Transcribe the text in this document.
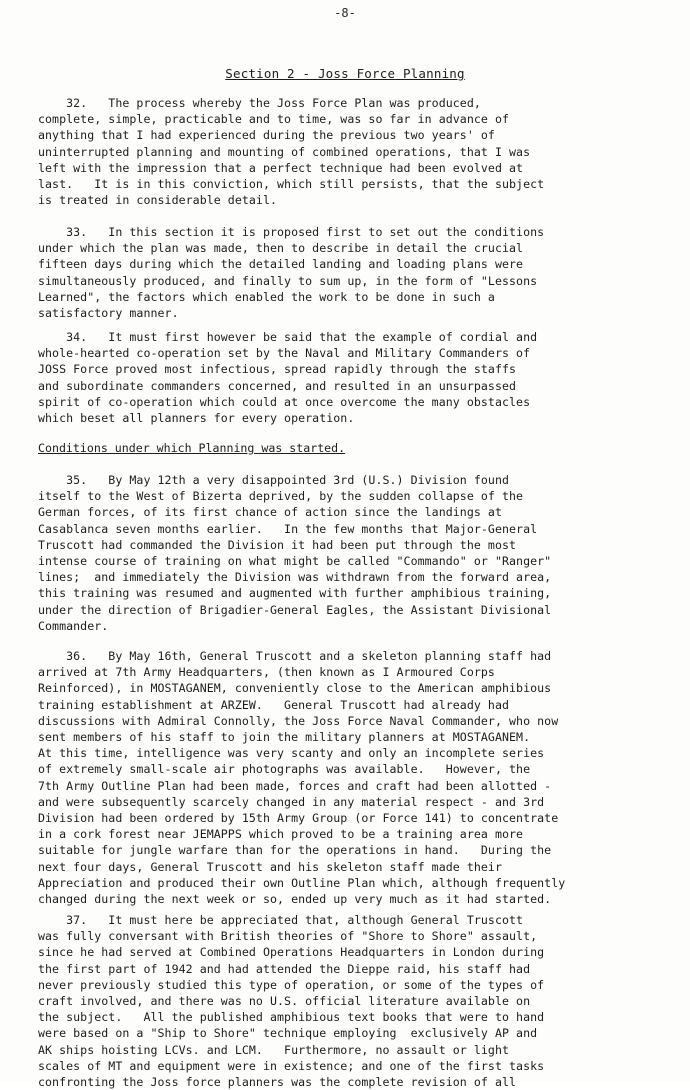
-8-
Section 2 - Joss Force Planning
32.   The process whereby the Joss Force Plan was produced,
complete, simple, practicable and to time, was so far in advance of
anything that I had experienced during the previous two years' of
uninterrupted planning and mounting of combined operations, that I was
left with the impression that a perfect technique had been evolved at
last.   It is in this conviction, which still persists, that the subject
is treated in considerable detail.
33.   In this section it is proposed first to set out the conditions
under which the plan was made, then to describe in detail the crucial
fifteen days during which the detailed landing and loading plans were
simultaneously produced, and finally to sum up, in the form of "Lessons
Learned", the factors which enabled the work to be done in such a
satisfactory manner.
34.   It must first however be said that the example of cordial and
whole-hearted co-operation set by the Naval and Military Commanders of
JOSS Force proved most infectious, spread rapidly through the staffs
and subordinate commanders concerned, and resulted in an unsurpassed
spirit of co-operation which could at once overcome the many obstacles
which beset all planners for every operation.
Conditions under which Planning was started.
35.   By May 12th a very disappointed 3rd (U.S.) Division found
itself to the West of Bizerta deprived, by the sudden collapse of the
German forces, of its first chance of action since the landings at
Casablanca seven months earlier.   In the few months that Major-General
Truscott had commanded the Division it had been put through the most
intense course of training on what might be called "Commando" or "Ranger"
lines;  and immediately the Division was withdrawn from the forward area,
this training was resumed and augmented with further amphibious training,
under the direction of Brigadier-General Eagles, the Assistant Divisional
Commander.
36.   By May 16th, General Truscott and a skeleton planning staff had
arrived at 7th Army Headquarters, (then known as I Armoured Corps
Reinforced), in MOSTAGANEM, conveniently close to the American amphibious
training establishment at ARZEW.   General Truscott had already had
discussions with Admiral Connolly, the Joss Force Naval Commander, who now
sent members of his staff to join the military planners at MOSTAGANEM.
At this time, intelligence was very scanty and only an incomplete series
of extremely small-scale air photographs was available.   However, the
7th Army Outline Plan had been made, forces and craft had been allotted -
and were subsequently scarcely changed in any material respect - and 3rd
Division had been ordered by 15th Army Group (or Force 141) to concentrate
in a cork forest near JEMAPPS which proved to be a training area more
suitable for jungle warfare than for the operations in hand.   During the
next four days, General Truscott and his skeleton staff made their
Appreciation and produced their own Outline Plan which, although frequently
changed during the next week or so, ended up very much as it had started.
37.   It must here be appreciated that, although General Truscott
was fully conversant with British theories of "Shore to Shore" assault,
since he had served at Combined Operations Headquarters in London during
the first part of 1942 and had attended the Dieppe raid, his staff had
never previously studied this type of operation, or some of the types of
craft involved, and there was no U.S. official literature available on
the subject.   All the published amphibious text books that were to hand
were based on a "Ship to Shore" technique employing  exclusively AP and
AK ships hoisting LCVs. and LCM.   Furthermore, no assault or light
scales of MT and equipment were in existence; and one of the first tasks
confronting the Joss force planners was the complete revision of all
